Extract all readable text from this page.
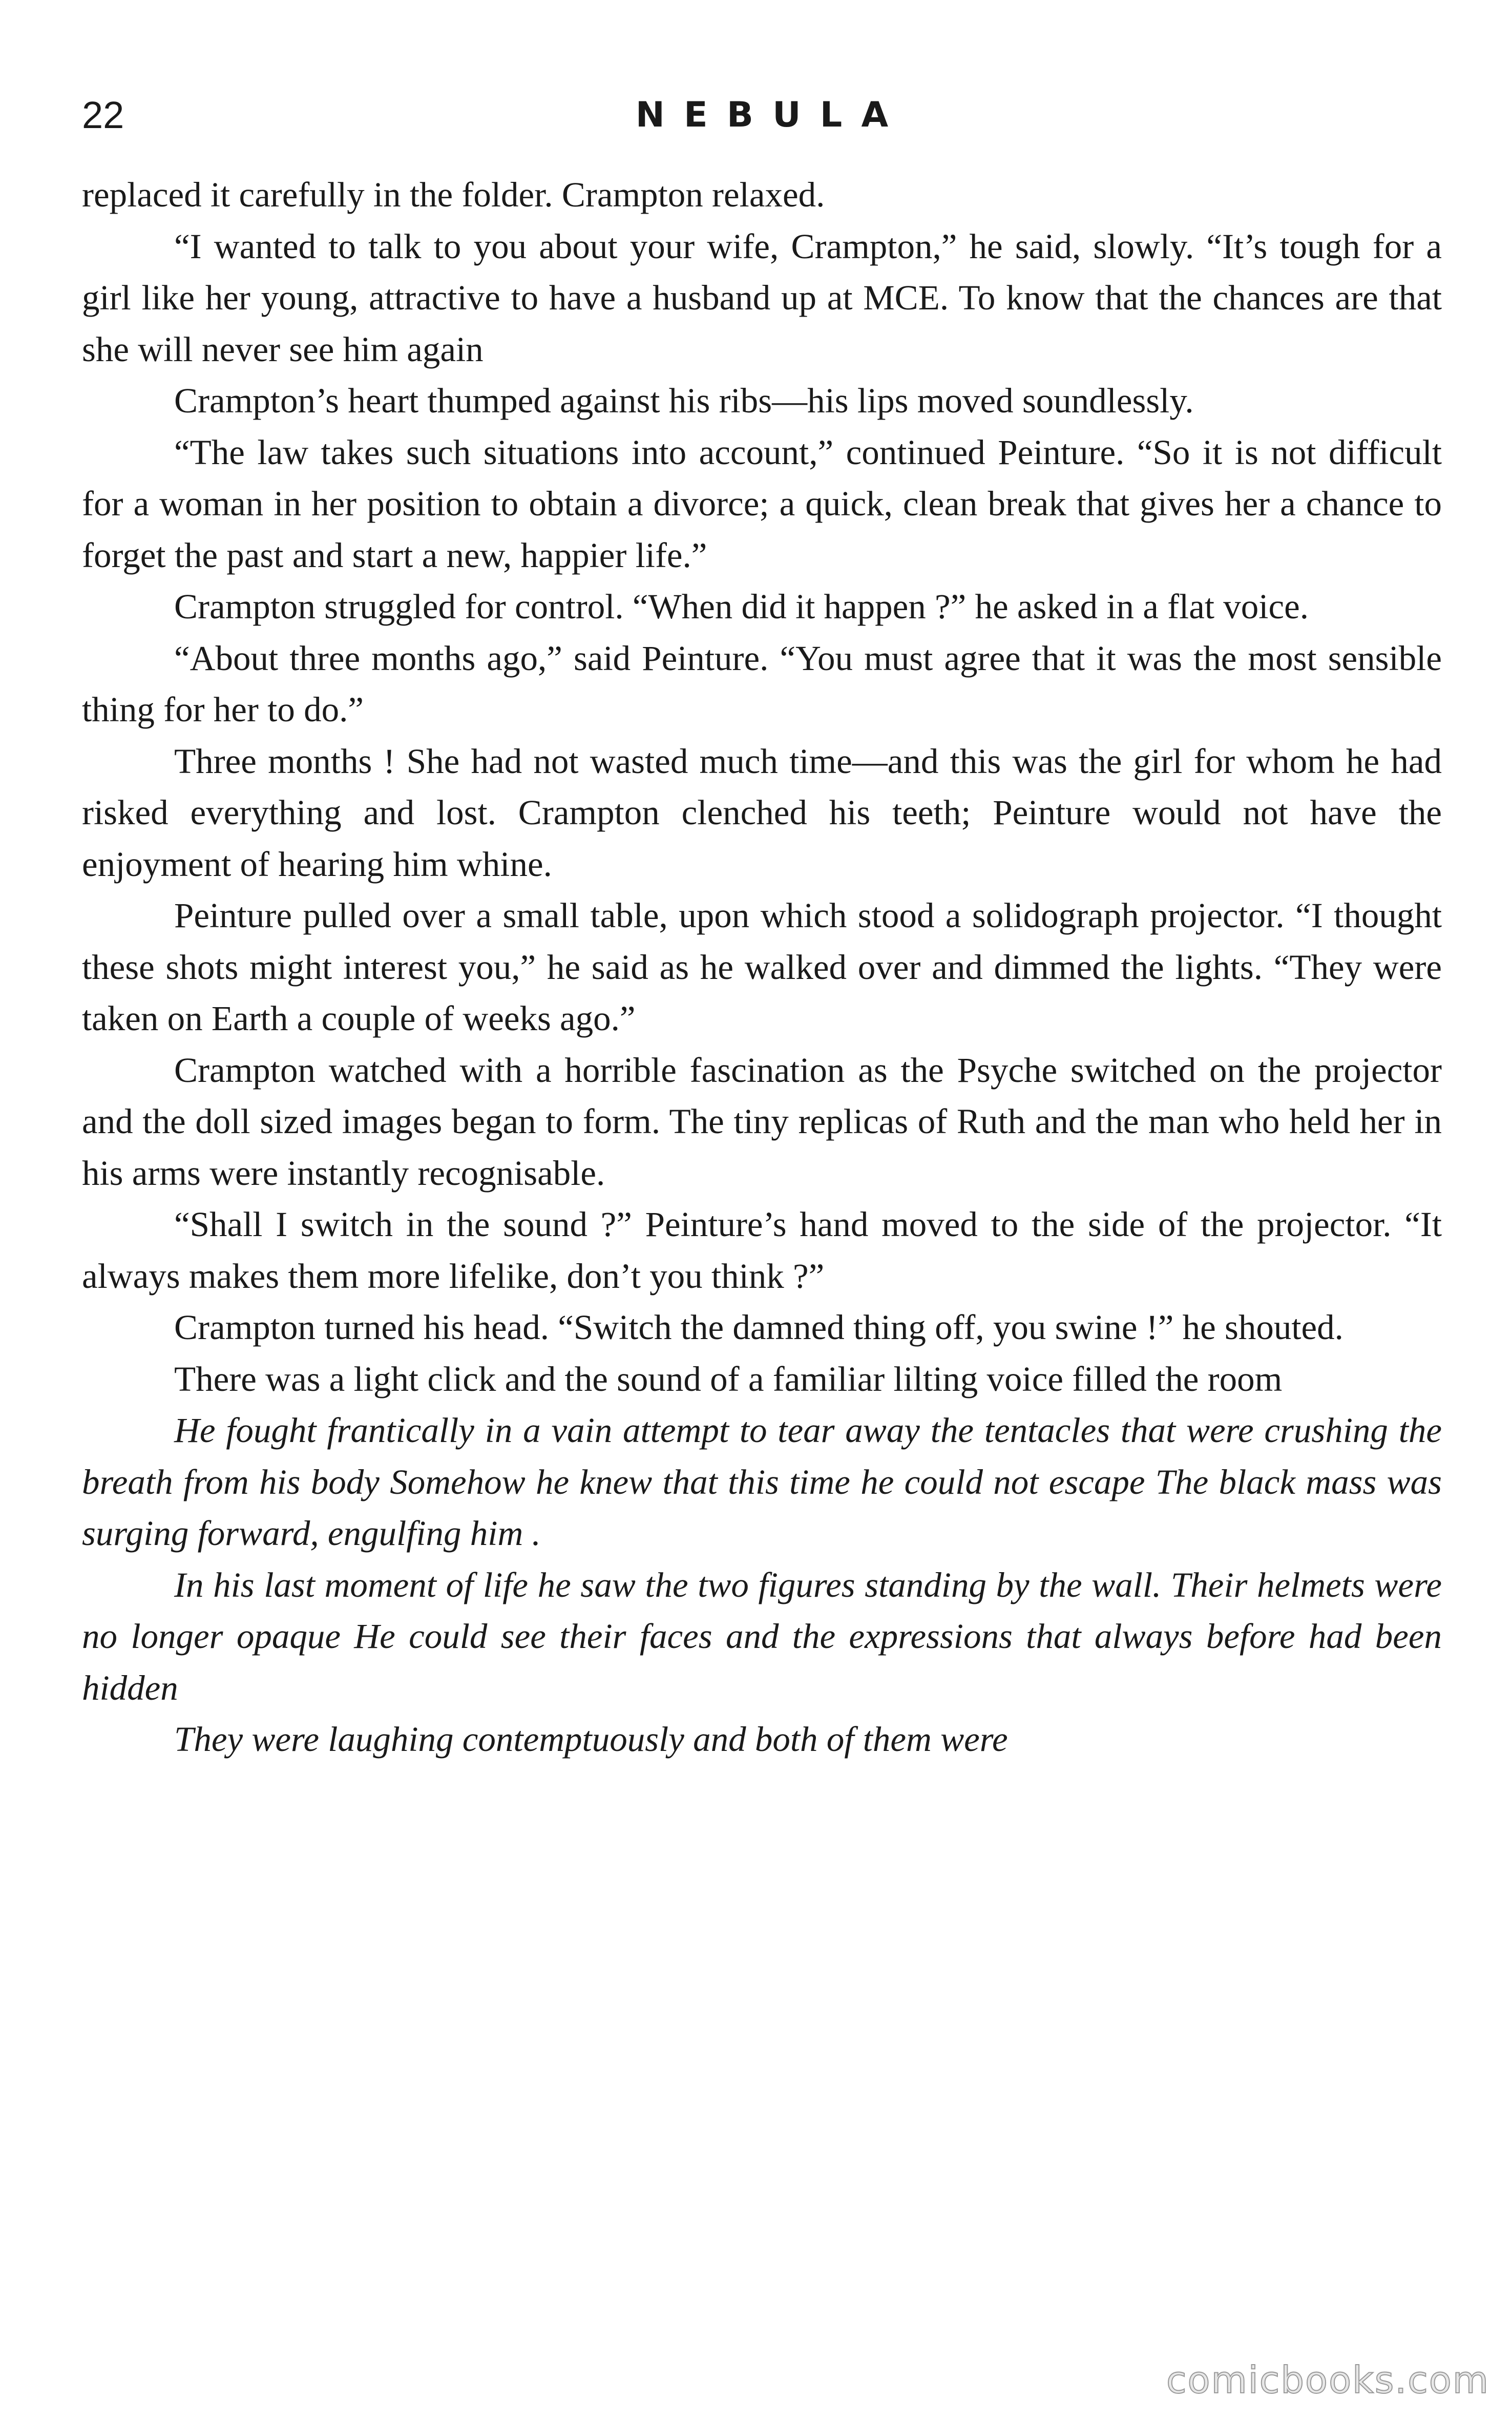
22	NEBULA

replaced it carefully in the folder. Crampton relaxed.

“I wanted to talk to you about your wife, Crampton,” he said, slowly. “It’s tough for a girl like her young, attractive to have a husband up at MCE. To know that the chances are that she will never see him again

Crampton’s heart thumped against his ribs—his lips moved soundlessly.

“The law takes such situations into account,” continued Peinture. “So it is not difficult for a woman in her position to obtain a divorce; a quick, clean break that gives her a chance to forget the past and start a new, happier life.”

Crampton struggled for control. “When did it happen ?” he asked in a flat voice.

“About three months ago,” said Peinture. “You must agree that it was the most sensible thing for her to do.”

Three months ! She had not wasted much time—and this was the girl for whom he had risked everything and lost. Crampton clenched his teeth; Peinture would not have the enjoyment of hearing him whine.

Peinture pulled over a small table, upon which stood a solidograph projector. “I thought these shots might interest you,” he said as he walked over and dimmed the lights. “They were taken on Earth a couple of weeks ago.”

Crampton watched with a horrible fascination as the Psyche switched on the projector and the doll sized images began to form. The tiny replicas of Ruth and the man who held her in his arms were instantly recognisable.

“Shall I switch in the sound ?” Peinture’s hand moved to the side of the projector. “It always makes them more lifelike, don’t you think ?”

Crampton turned his head. “Switch the damned thing off, you swine !” he shouted.

There was a light click and the sound of a familiar lilting voice filled the room

He fought frantically in a vain attempt to tear away the tentacles that were crushing the breath from his body Somehow he knew that this time he could not escape The black mass was surging forward, engulfing him .

In his last moment of life he saw the two figures standing by the wall. Their helmets were no longer opaque He could see their faces and the expressions that always before had been hidden

They were laughing contemptuously and both of them were

comicbooks.com
